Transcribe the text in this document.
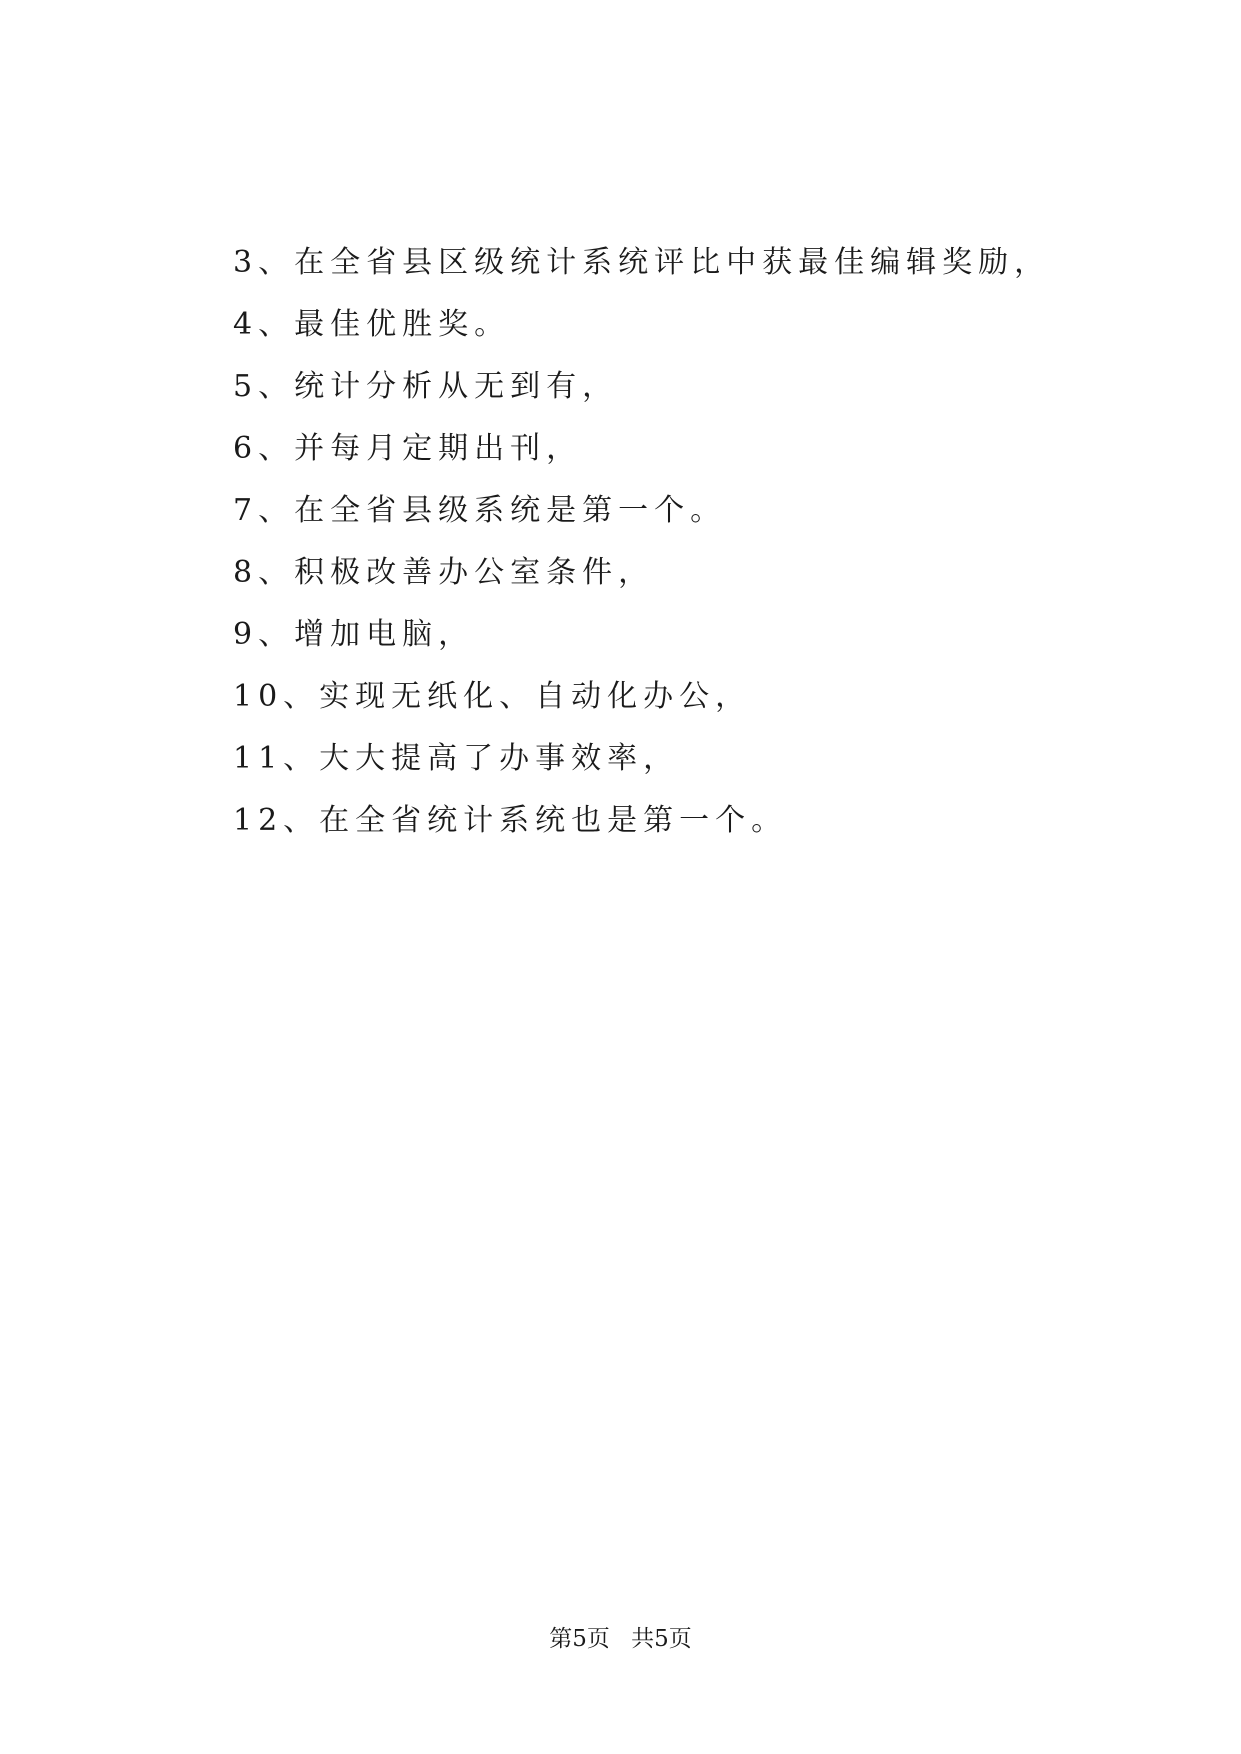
3、在全省县区级统计系统评比中获最佳编辑奖励，
4、最佳优胜奖。
5、统计分析从无到有，
6、并每月定期出刊，
7、在全省县级系统是第一个。
8、积极改善办公室条件，
9、增加电脑，
10、实现无纸化、自动化办公，
11、大大提高了办事效率，
12、在全省统计系统也是第一个。
第5页 共5页
